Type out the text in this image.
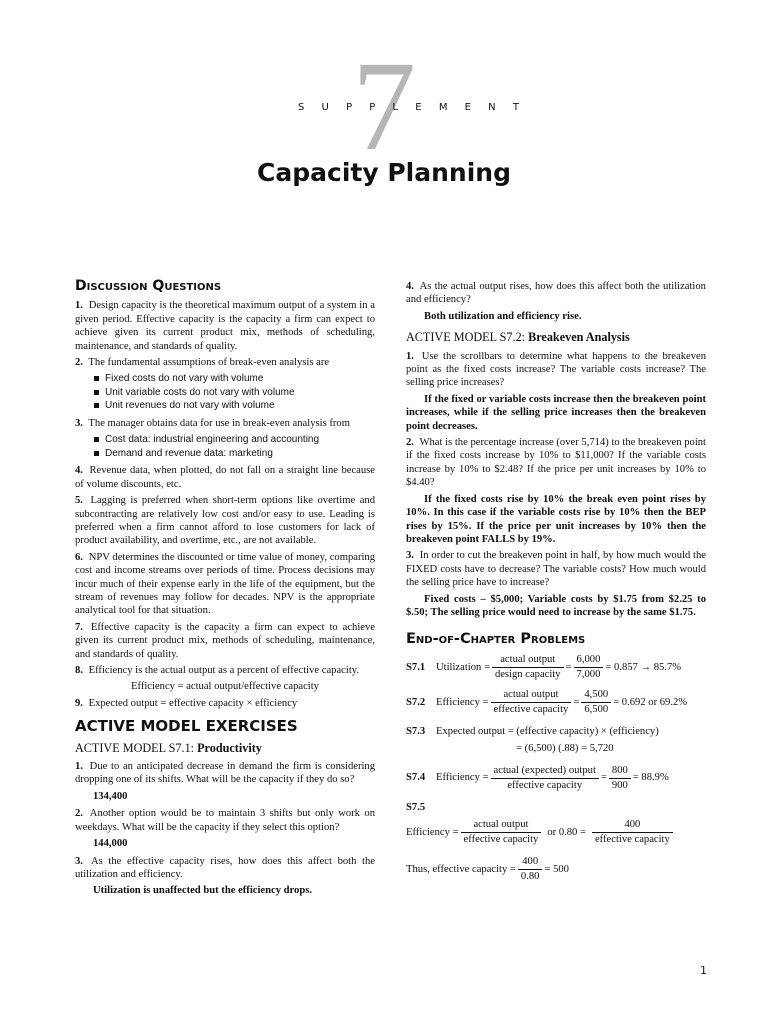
7
SUPPLEMENT
Capacity Planning
Discussion Questions

1. Design capacity is the theoretical maximum output of a system in a given period. Effective capacity is the capacity a firm can expect to achieve given its current product mix, methods of scheduling, maintenance, and standards of quality.

2. The fundamental assumptions of break-even analysis are

Fixed costs do not vary with volume
Unit variable costs do not vary with volume
Unit revenues do not vary with volume

3. The manager obtains data for use in break-even analysis from

Cost data: industrial engineering and accounting
Demand and revenue data: marketing

4. Revenue data, when plotted, do not fall on a straight line because of volume discounts, etc.

5. Lagging is preferred when short-term options like overtime and subcontracting are relatively low cost and/or easy to use. Leading is preferred when a firm cannot afford to lose customers for lack of product availability, and overtime, etc., are not available.

6. NPV determines the discounted or time value of money, comparing cost and income streams over periods of time. Process decisions may incur much of their expense early in the life of the equipment, but the stream of revenues may follow for decades. NPV is the appropriate analytical tool for that situation.

7. Effective capacity is the capacity a firm can expect to achieve given its current product mix, methods of scheduling, maintenance, and standards of quality.

8. Efficiency is the actual output as a percent of effective capacity.

Efficiency = actual output/effective capacity

9. Expected output = effective capacity × efficiency

ACTIVE MODEL EXERCISES
ACTIVE MODEL S7.1: Productivity

1. Due to an anticipated decrease in demand the firm is considering dropping one of its shifts. What will be the capacity if they do so?

134,400

2. Another option would be to maintain 3 shifts but only work on weekdays. What will be the capacity if they select this option?

144,000

3. As the effective capacity rises, how does this affect both the utilization and efficiency.

Utilization is unaffected but the efficiency drops.

4. As the actual output rises, how does this affect both the utilization and efficiency?

Both utilization and efficiency rise.

ACTIVE MODEL S7.2: Breakeven Analysis

1. Use the scrollbars to determine what happens to the breakeven point as the fixed costs increase? The variable costs increase? The selling price increases?

If the fixed or variable costs increase then the breakeven point increases, while if the selling price increases then the breakeven point decreases.

2. What is the percentage increase (over 5,714) to the breakeven point if the fixed costs increase by 10% to $11,000? If the variable costs increase by 10% to $2.48? If the price per unit increases by 10% to $4.40?

If the fixed costs rise by 10% the break even point rises by 10%. In this case if the variable costs rise by 10% then the BEP rises by 15%. If the price per unit increases by 10% then the breakeven point FALLS by 19%.

3. In order to cut the breakeven point in half, by how much would the FIXED costs have to decrease? The variable costs? How much would the selling price have to increase?

Fixed costs – $5,000; Variable costs by $1.75 from $2.25 to $.50; The selling price would need to increase by the same $1.75.

End-of-Chapter Problems
S7.1	Utilization = $\frac{\text{actual output}}{\text{design capacity}} = \frac{6,000}{7,000} = 0.857 \to 85.7\%$
S7.2	Efficiency = $\frac{\text{actual output}}{\text{effective capacity}} = \frac{4,500}{6,500} = 0.692$ or 69.2%
S7.3	Expected output = (effective capacity) × (efficiency)
= (6,500) (.88) = 5,720
S7.4	Efficiency = $\frac{\text{actual (expected) output}}{\text{effective capacity}} = \frac{800}{900} = 88.9\%$
S7.5
Efficiency = $\frac{\text{actual output}}{\text{effective capacity}}$ or $0.80 = \frac{400}{\text{effective capacity}}$
Thus, effective capacity = $\frac{400}{0.80} = 500$
1
